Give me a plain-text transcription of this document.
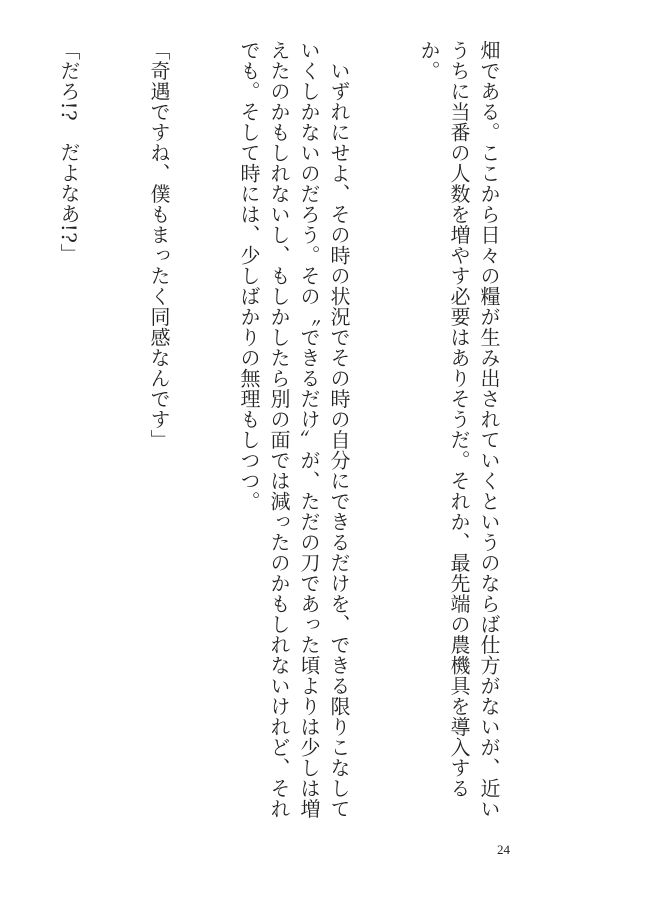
畑である。ここから日々の糧が生み出されていくというのならば仕方がないが、近いうちに当番の人数を増やす必要はありそうだ。それか、最先端の農機具を導入するか。

　いずれにせよ、その時の状況でその時の自分にできるだけを、できる限りこなしていくしかないのだろう。その〝できるだけ〟が、ただの刀であった頃よりは少しは増えたのかもしれないし、もしかしたら別の面では減ったのかもしれないけれど、それでも。そして時には、少しばかりの無理もしつつ。

「奇遇ですね、僕もまったく同感なんです」

「だろ!?　だよなあ!?」

24
